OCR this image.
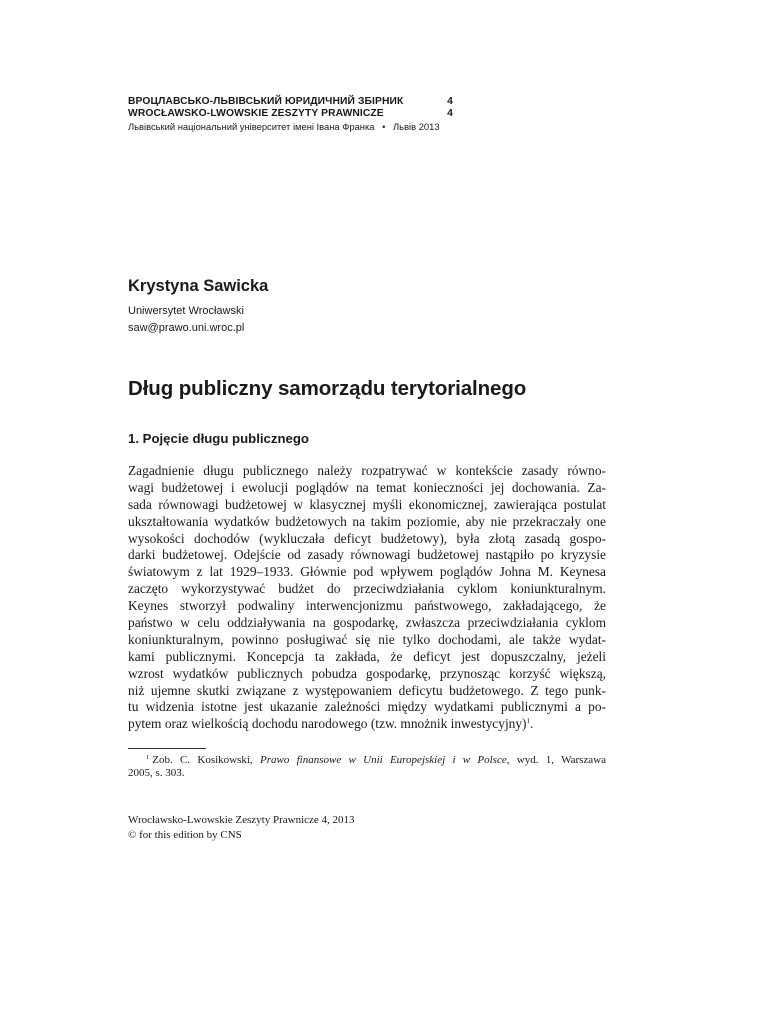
ВРОЦЛАВСЬКО-ЛЬВІВСЬКИЙ ЮРИДИЧНИЙ ЗБІРНИК	4
WROCŁAWSKO-LWOWSKIE ZESZYTY PRAWNICZE	4
Львівський національний університет імені Івана Франка • Львів 2013
Krystyna Sawicka
Uniwersytet Wrocławski
saw@prawo.uni.wroc.pl
Dług publiczny samorządu terytorialnego
1. Pojęcie długu publicznego
Zagadnienie długu publicznego należy rozpatrywać w kontekście zasady równo-
wagi budżetowej i ewolucji poglądów na temat konieczności jej dochowania. Za-
sada równowagi budżetowej w klasycznej myśli ekonomicznej, zawierająca postulat
ukształtowania wydatków budżetowych na takim poziomie, aby nie przekraczały one
wysokości dochodów (wykluczała deficyt budżetowy), była złotą zasadą gospo-
darki budżetowej. Odejście od zasady równowagi budżetowej nastąpiło po kryzysie
światowym z lat 1929–1933. Głównie pod wpływem poglądów Johna M. Keynesa
zaczęto wykorzystywać budżet do przeciwdziałania cyklom koniunkturalnym.
Keynes stworzył podwaliny interwencjonizmu państwowego, zakładającego, że
państwo w celu oddziaływania na gospodarkę, zwłaszcza przeciwdziałania cyklom
koniunkturalnym, powinno posługiwać się nie tylko dochodami, ale także wydat-
kami publicznymi. Koncepcja ta zakłada, że deficyt jest dopuszczalny, jeżeli
wzrost wydatków publicznych pobudza gospodarkę, przynosząc korzyść większą,
niż ujemne skutki związane z występowaniem deficytu budżetowego. Z tego punk-
tu widzenia istotne jest ukazanie zależności między wydatkami publicznymi a po-
pytem oraz wielkością dochodu narodowego (tzw. mnożnik inwestycyjny)$^1$.
$^1$ Zob. C. Kosikowski, Prawo finansowe w Unii Europejskiej i w Polsce, wyd. 1, Warszawa
2005, s. 303.
Wrocławsko-Lwowskie Zeszyty Prawnicze 4, 2013
© for this edition by CNS
